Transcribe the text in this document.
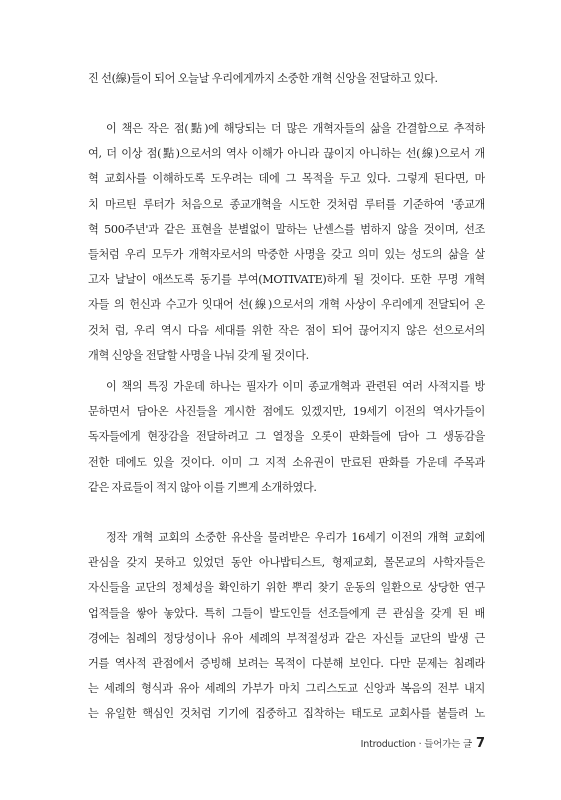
진 선(線)들이 되어 오늘날 우리에게까지 소중한 개혁 신앙을 전달하고 있다.
이 책은 작은 점(點)에 해당되는 더 많은 개혁자들의 삶을 간결함으로 추적하
여, 더 이상 점(點)으로서의 역사 이해가 아니라 끊이지 아니하는 선(線)으로서 개
혁 교회사를 이해하도록 도우려는 데에 그 목적을 두고 있다. 그렇게 된다면, 마
치 마르틴 루터가 처음으로 종교개혁을 시도한 것처럼 루터를 기준하여 '종교개
혁 500주년'과 같은 표현을 분별없이 말하는 난센스를 범하지 않을 것이며, 선조
들처럼 우리 모두가 개혁자로서의 막중한 사명을 갖고 의미 있는 성도의 삶을 살
고자 날날이 애쓰도록 동기를 부여(MOTIVATE)하게 될 것이다. 또한 무명 개혁
자들 의 헌신과 수고가 잇대어 선(線)으로서의 개혁 사상이 우리에게 전달되어 온
것처 럼, 우리 역시 다음 세대를 위한 작은 점이 되어 끊어지지 않은 선으로서의
개혁 신앙을 전달할 사명을 나눠 갖게 될 것이다.
이 책의 특징 가운데 하나는 필자가 이미 종교개혁과 관련된 여러 사적지를 방
문하면서 담아온 사진들을 게시한 점에도 있겠지만, 19세기 이전의 역사가들이
독자들에게 현장감을 전달하려고 그 열정을 오롯이 판화들에 담아 그 생동감을
전한 데에도 있을 것이다. 이미 그 지적 소유권이 만료된 판화를 가운데 주목과
같은 자료들이 적지 않아 이를 기쁘게 소개하였다.
정작 개혁 교회의 소중한 유산을 물려받은 우리가 16세기 이전의 개혁 교회에
관심을 갖지 못하고 있었던 동안 아나밥티스트, 형제교회, 몰몬교의 사학자들은
자신들을 교단의 정체성을 확인하기 위한 뿌리 찾기 운동의 일환으로 상당한 연구
업적들을 쌓아 놓았다. 특히 그들이 발도인들 선조들에게 큰 관심을 갖게 된 배
경에는 침례의 정당성이나 유아 세례의 부적절성과 같은 자신들 교단의 발생 근
거를 역사적 관점에서 증빙해 보려는 목적이 다분해 보인다. 다만 문제는 침례라
는 세례의 형식과 유아 세례의 가부가 마치 그리스도교 신앙과 복음의 전부 내지
는 유일한 핵심인 것처럼 기기에 집중하고 집착하는 태도로 교회사를 붙들려 노
Introduction · 들어가는 글 7
